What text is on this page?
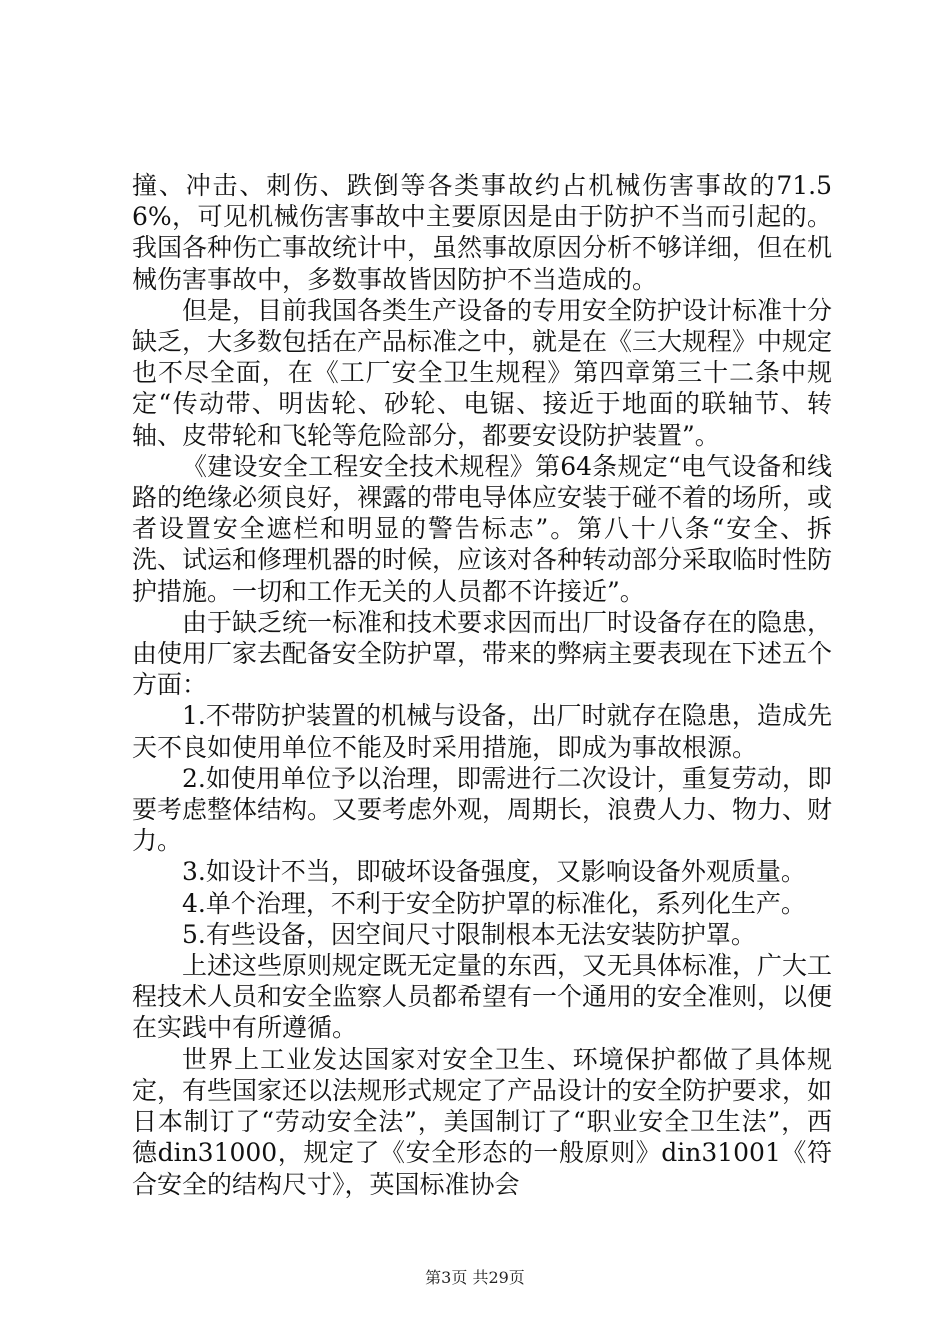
撞、冲击、刺伤、跌倒等各类事故约占机械伤害事故的71.56%，可见机械伤害事故中主要原因是由于防护不当而引起的。我国各种伤亡事故统计中，虽然事故原因分析不够详细，但在机械伤害事故中，多数事故皆因防护不当造成的。

但是，目前我国各类生产设备的专用安全防护设计标准十分缺乏，大多数包括在产品标准之中，就是在《三大规程》中规定也不尽全面，在《工厂安全卫生规程》第四章第三十二条中规定“传动带、明齿轮、砂轮、电锯、接近于地面的联轴节、转轴、皮带轮和飞轮等危险部分，都要安设防护装置”。

《建设安全工程安全技术规程》第64条规定“电气设备和线路的绝缘必须良好，裸露的带电导体应安装于碰不着的场所，或者设置安全遮栏和明显的警告标志”。第八十八条“安全、拆洗、试运和修理机器的时候，应该对各种转动部分采取临时性防护措施。一切和工作无关的人员都不许接近”。

由于缺乏统一标准和技术要求因而出厂时设备存在的隐患，由使用厂家去配备安全防护罩，带来的弊病主要表现在下述五个方面：

1.不带防护装置的机械与设备，出厂时就存在隐患，造成先天不良如使用单位不能及时采用措施，即成为事故根源。

2.如使用单位予以治理，即需进行二次设计，重复劳动，即要考虑整体结构。又要考虑外观，周期长，浪费人力、物力、财力。

3.如设计不当，即破坏设备强度，又影响设备外观质量。

4.单个治理，不利于安全防护罩的标准化，系列化生产。

5.有些设备，因空间尺寸限制根本无法安装防护罩。

上述这些原则规定既无定量的东西，又无具体标准，广大工程技术人员和安全监察人员都希望有一个通用的安全准则，以便在实践中有所遵循。

世界上工业发达国家对安全卫生、环境保护都做了具体规定，有些国家还以法规形式规定了产品设计的安全防护要求，如日本制订了“劳动安全法”，美国制订了“职业安全卫生法”，西德din31000，规定了《安全形态的一般原则》din31001《符合安全的结构尺寸》，英国标准协会

第3页 共29页
